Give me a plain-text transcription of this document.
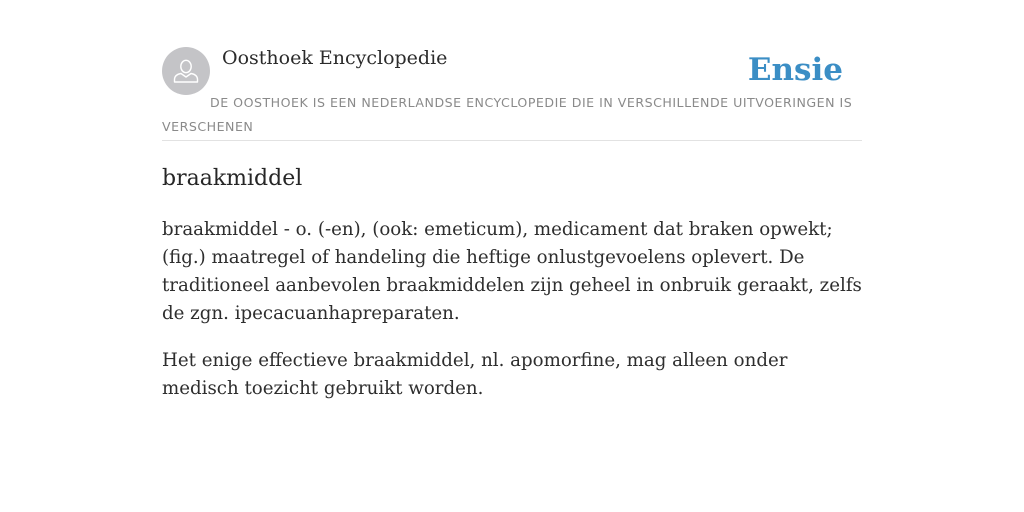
Oosthoek Encyclopedie	Ensie
DE OOSTHOEK IS EEN NEDERLANDSE ENCYCLOPEDIE DIE IN VERSCHILLENDE UITVOERINGEN IS VERSCHENEN
braakmiddel

braakmiddel - o. (-en), (ook: emeticum), medicament dat braken opwekt; (fig.) maatregel of handeling die heftige onlustgevoelens oplevert. De traditioneel aanbevolen braakmiddelen zijn geheel in onbruik geraakt, zelfs de zgn. ipecacuanhapreparaten.

Het enige effectieve braakmiddel, nl. apomorfine, mag alleen onder medisch toezicht gebruikt worden.
